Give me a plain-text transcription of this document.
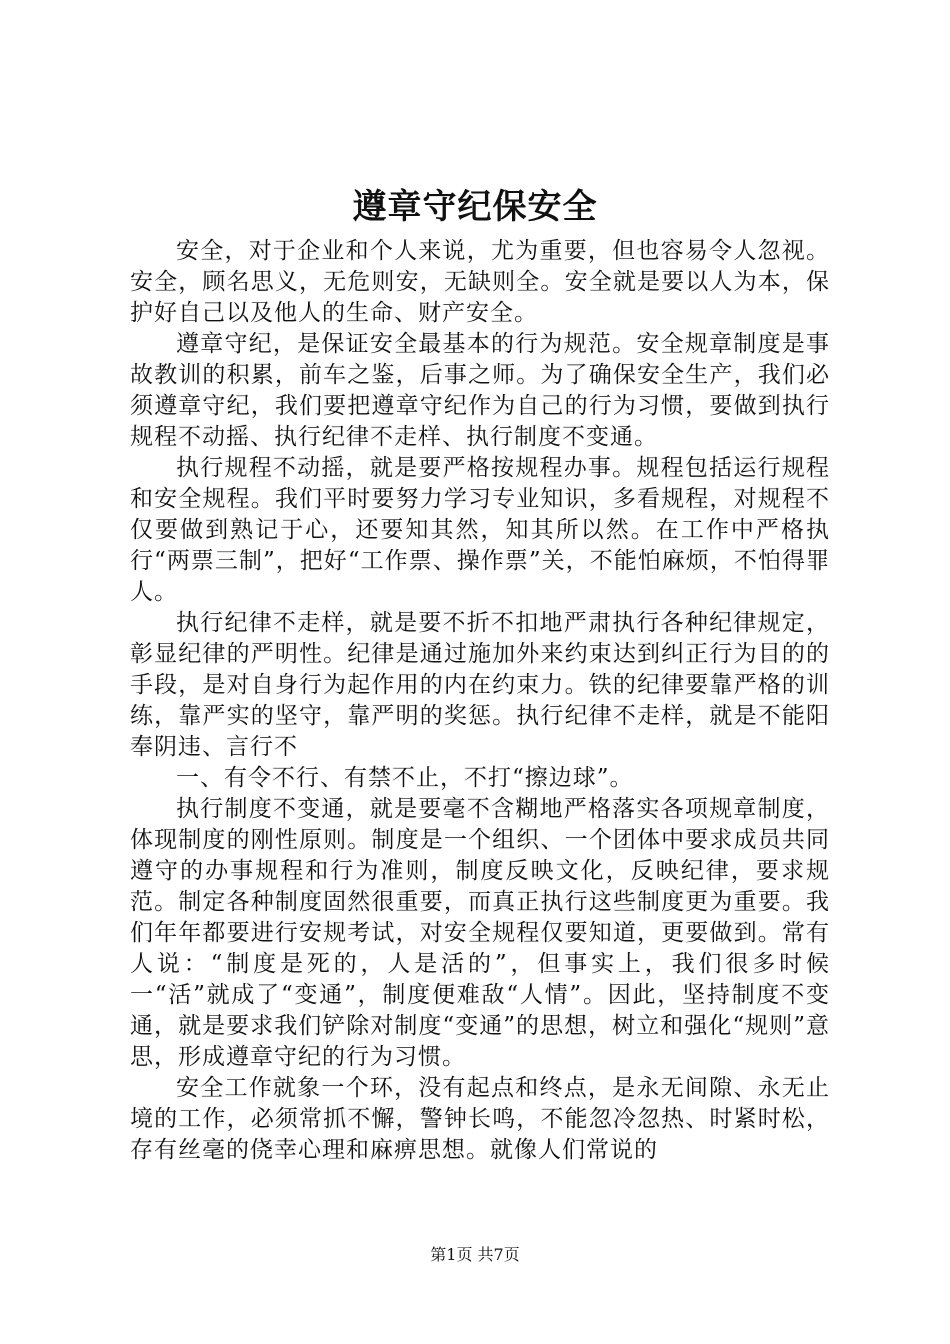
遵章守纪保安全

安全，对于企业和个人来说，尤为重要，但也容易令人忽视。安全，顾名思义，无危则安，无缺则全。安全就是要以人为本，保护好自己以及他人的生命、财产安全。

遵章守纪，是保证安全最基本的行为规范。安全规章制度是事故教训的积累，前车之鉴，后事之师。为了确保安全生产，我们必须遵章守纪，我们要把遵章守纪作为自己的行为习惯，要做到执行规程不动摇、执行纪律不走样、执行制度不变通。

执行规程不动摇，就是要严格按规程办事。规程包括运行规程和安全规程。我们平时要努力学习专业知识，多看规程，对规程不仅要做到熟记于心，还要知其然，知其所以然。在工作中严格执行“两票三制”，把好“工作票、操作票”关，不能怕麻烦，不怕得罪人。

执行纪律不走样，就是要不折不扣地严肃执行各种纪律规定，彰显纪律的严明性。纪律是通过施加外来约束达到纠正行为目的的手段，是对自身行为起作用的内在约束力。铁的纪律要靠严格的训练，靠严实的坚守，靠严明的奖惩。执行纪律不走样，就是不能阳奉阴违、言行不

一、有令不行、有禁不止，不打“擦边球”。

执行制度不变通，就是要毫不含糊地严格落实各项规章制度，体现制度的刚性原则。制度是一个组织、一个团体中要求成员共同遵守的办事规程和行为准则，制度反映文化，反映纪律，要求规范。制定各种制度固然很重要，而真正执行这些制度更为重要。我们年年都要进行安规考试，对安全规程仅要知道，更要做到。常有人说：“制度是死的，人是活的”，但事实上，我们很多时候一“活”就成了“变通”，制度便难敌“人情”。因此，坚持制度不变通，就是要求我们铲除对制度“变通”的思想，树立和强化“规则”意思，形成遵章守纪的行为习惯。

安全工作就象一个环，没有起点和终点，是永无间隙、永无止境的工作，必须常抓不懈，警钟长鸣，不能忽冷忽热、时紧时松，存有丝毫的侥幸心理和麻痹思想。就像人们常说的

第1页 共7页
